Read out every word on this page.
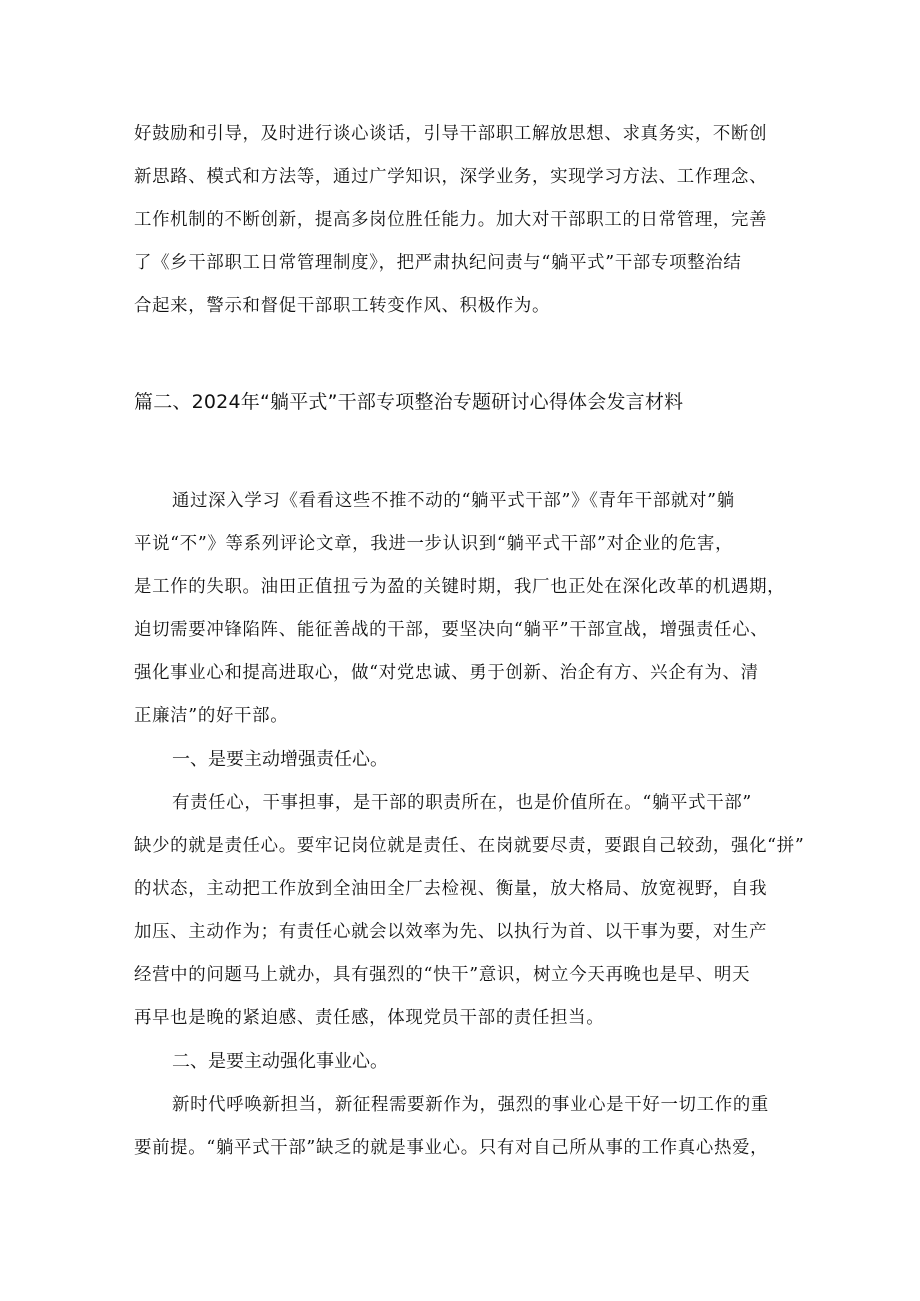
好鼓励和引导，及时进行谈心谈话，引导干部职工解放思想、求真务实，不断创
新思路、模式和方法等，通过广学知识，深学业务，实现学习方法、工作理念、
工作机制的不断创新，提高多岗位胜任能力。加大对干部职工的日常管理，完善
了《乡干部职工日常管理制度》，把严肃执纪问责与“躺平式”干部专项整治结
合起来，警示和督促干部职工转变作风、积极作为。
篇二、2024年“躺平式”干部专项整治专题研讨心得体会发言材料
通过深入学习《看看这些不推不动的“躺平式干部”》《青年干部就对”躺
平说“不”》等系列评论文章，我进一步认识到“躺平式干部”对企业的危害，
是工作的失职。油田正值扭亏为盈的关键时期，我厂也正处在深化改革的机遇期，
迫切需要冲锋陷阵、能征善战的干部，要坚决向“躺平”干部宣战，增强责任心、
强化事业心和提高进取心，做“对党忠诚、勇于创新、治企有方、兴企有为、清
正廉洁”的好干部。
一、是要主动增强责任心。
有责任心，干事担事，是干部的职责所在，也是价值所在。“躺平式干部”
缺少的就是责任心。要牢记岗位就是责任、在岗就要尽责，要跟自己较劲，强化“拼”
的状态，主动把工作放到全油田全厂去检视、衡量，放大格局、放宽视野，自我
加压、主动作为；有责任心就会以效率为先、以执行为首、以干事为要，对生产
经营中的问题马上就办，具有强烈的“快干”意识，树立今天再晚也是早、明天
再早也是晚的紧迫感、责任感，体现党员干部的责任担当。
二、是要主动强化事业心。
新时代呼唤新担当，新征程需要新作为，强烈的事业心是干好一切工作的重
要前提。“躺平式干部”缺乏的就是事业心。只有对自己所从事的工作真心热爱，
